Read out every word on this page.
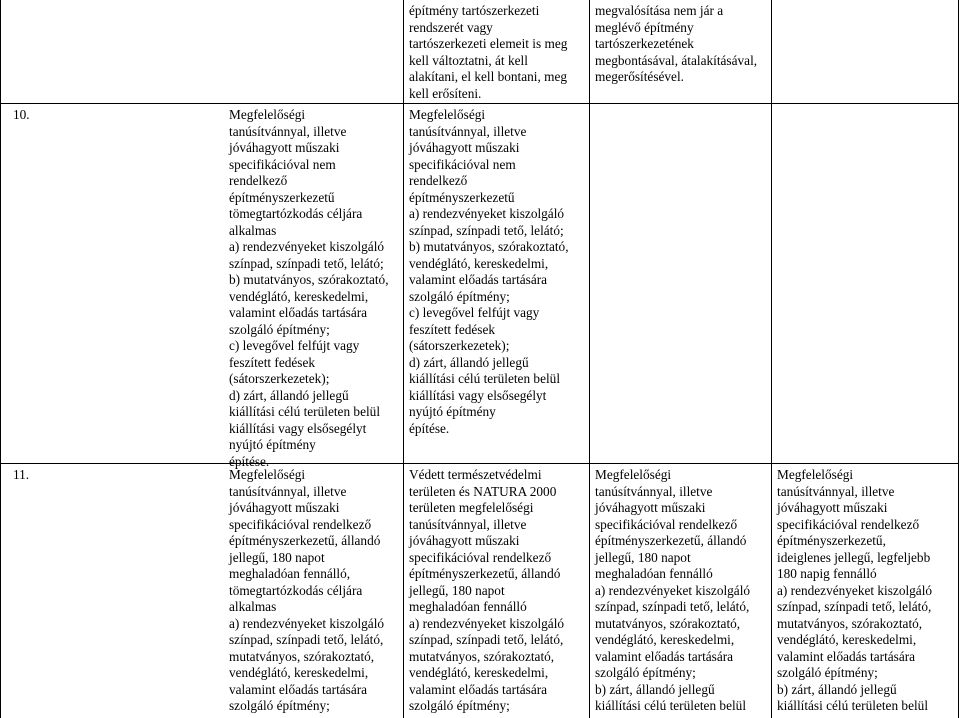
építmény tartószerkezeti
rendszerét vagy
tartószerkezeti elemeit is meg
kell változtatni, át kell
alakítani, el kell bontani, meg
kell erősíteni.
megvalósítása nem jár a
meglévő építmény
tartószerkezetének
megbontásával, átalakításával,
megerősítésével.
10.	Megfelelőségi
tanúsítvánnyal, illetve
jóváhagyott műszaki
specifikációval nem
rendelkező
építményszerkezetű
tömegtartózkodás céljára
alkalmas
a) rendezvényeket kiszolgáló
színpad, színpadi tető, lelátó;
b) mutatványos, szórakoztató,
vendéglátó, kereskedelmi,
valamint előadás tartására
szolgáló építmény;
c) levegővel felfújt vagy
feszített fedések
(sátorszerkezetek);
d) zárt, állandó jellegű
kiállítási célú területen belül
kiállítási vagy elsősegélyt
nyújtó építmény
építése.
Megfelelőségi
tanúsítvánnyal, illetve
jóváhagyott műszaki
specifikációval nem
rendelkező
építményszerkezetű
a) rendezvényeket kiszolgáló
színpad, színpadi tető, lelátó;
b) mutatványos, szórakoztató,
vendéglátó, kereskedelmi,
valamint előadás tartására
szolgáló építmény;
c) levegővel felfújt vagy
feszített fedések
(sátorszerkezetek);
d) zárt, állandó jellegű
kiállítási célú területen belül
kiállítási vagy elsősegélyt
nyújtó építmény
építése.
11.	Megfelelőségi
tanúsítvánnyal, illetve
jóváhagyott műszaki
specifikációval rendelkező
építményszerkezetű, állandó
jellegű, 180 napot
meghaladóan fennálló,
tömegtartózkodás céljára
alkalmas
a) rendezvényeket kiszolgáló
színpad, színpadi tető, lelátó,
mutatványos, szórakoztató,
vendéglátó, kereskedelmi,
valamint előadás tartására
szolgáló építmény;
Védett természetvédelmi
területen és NATURA 2000
területen megfelelőségi
tanúsítvánnyal, illetve
jóváhagyott műszaki
specifikációval rendelkező
építményszerkezetű, állandó
jellegű, 180 napot
meghaladóan fennálló
a) rendezvényeket kiszolgáló
színpad, színpadi tető, lelátó,
mutatványos, szórakoztató,
vendéglátó, kereskedelmi,
valamint előadás tartására
szolgáló építmény;
Megfelelőségi
tanúsítvánnyal, illetve
jóváhagyott műszaki
specifikációval rendelkező
építményszerkezetű, állandó
jellegű, 180 napot
meghaladóan fennálló
a) rendezvényeket kiszolgáló
színpad, színpadi tető, lelátó,
mutatványos, szórakoztató,
vendéglátó, kereskedelmi,
valamint előadás tartására
szolgáló építmény;
b) zárt, állandó jellegű
kiállítási célú területen belül
Megfelelőségi
tanúsítvánnyal, illetve
jóváhagyott műszaki
specifikációval rendelkező
építményszerkezetű,
ideiglenes jellegű, legfeljebb
180 napig fennálló
a) rendezvényeket kiszolgáló
színpad, színpadi tető, lelátó,
mutatványos, szórakoztató,
vendéglátó, kereskedelmi,
valamint előadás tartására
szolgáló építmény;
b) zárt, állandó jellegű
kiállítási célú területen belül
